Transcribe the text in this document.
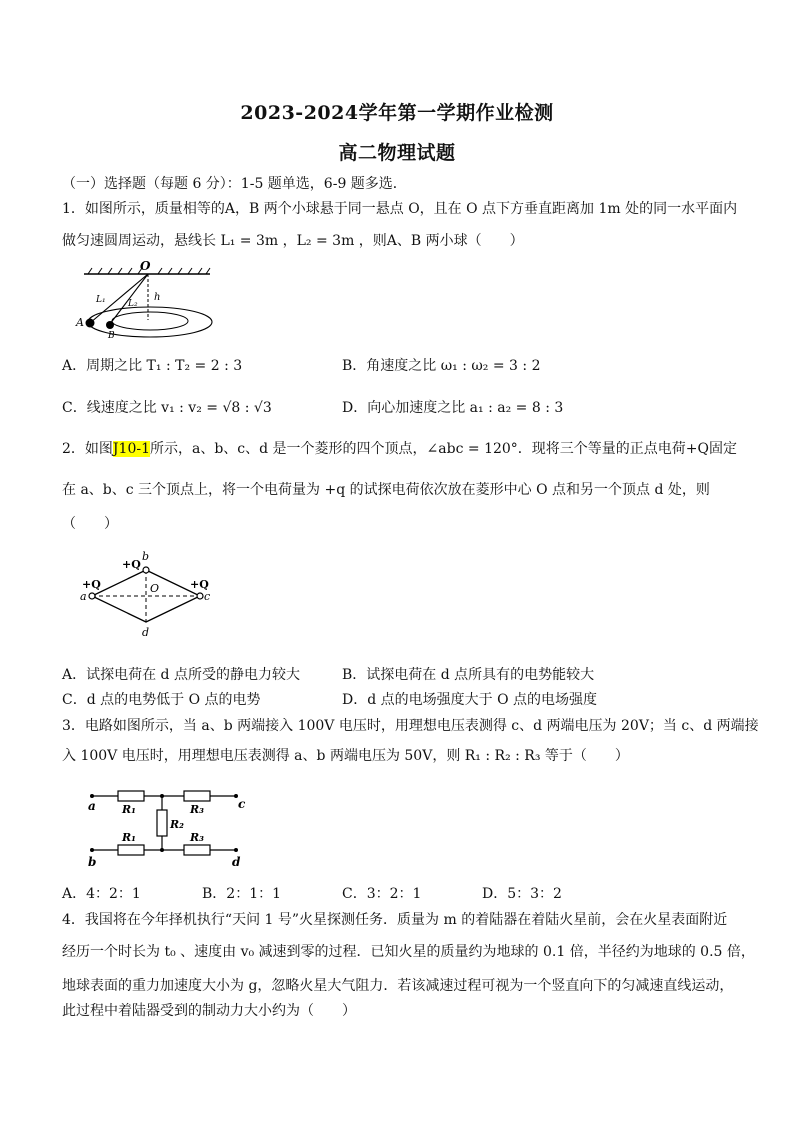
2023-2024学年第一学期作业检测
高二物理试题
（一）选择题（每题 6 分）：1-5 题单选，6-9 题多选．
1．如图所示，质量相等的A，B 两个小球悬于同一悬点 O，且在 O 点下方垂直距离加 1m 处的同一水平面内
做匀速圆周运动，悬线长 L₁ = 3m ，L₂ = 3m ，则A、B 两小球（　　）
O
L₁ L₂
h
A
B
A．周期之比 T₁ : T₂ = 2 : 3	B．角速度之比 ω₁ : ω₂ = 3 : 2
C．线速度之比 v₁ : v₂ = √8 : √3	D．向心加速度之比 a₁ : a₂ = 8 : 3
2．如图J10-1所示，a、b、c、d 是一个菱形的四个顶点，∠abc = 120°．现将三个等量的正点电荷+Q固定
在 a、b、c 三个顶点上，将一个电荷量为 +q 的试探电荷依次放在菱形中心 O 点和另一个顶点 d 处，则
（　　）
+Q
+Q
+Q
a
b
c
d
O
A．试探电荷在 d 点所受的静电力较大	B．试探电荷在 d 点所具有的电势能较大
C．d 点的电势低于 O 点的电势	D．d 点的电场强度大于 O 点的电场强度
3．电路如图所示，当 a、b 两端接入 100V 电压时，用理想电压表测得 c、d 两端电压为 20V；当 c、d 两端接
入 100V 电压时，用理想电压表测得 a、b 两端电压为 50V，则 R₁ : R₂ : R₃ 等于（　　）
a
b
c
d
R₁
R₁
R₂
R₃
R₃
A．4：2：1	B．2：1：1	C．3：2：1	D．5：3：2
4．我国将在今年择机执行“天问 1 号”火星探测任务．质量为 m 的着陆器在着陆火星前，会在火星表面附近
经历一个时长为 t₀ 、速度由 v₀ 减速到零的过程．已知火星的质量约为地球的 0.1 倍，半径约为地球的 0.5 倍，
地球表面的重力加速度大小为 g，忽略火星大气阻力．若该减速过程可视为一个竖直向下的匀减速直线运动，
此过程中着陆器受到的制动力大小约为（　　）
